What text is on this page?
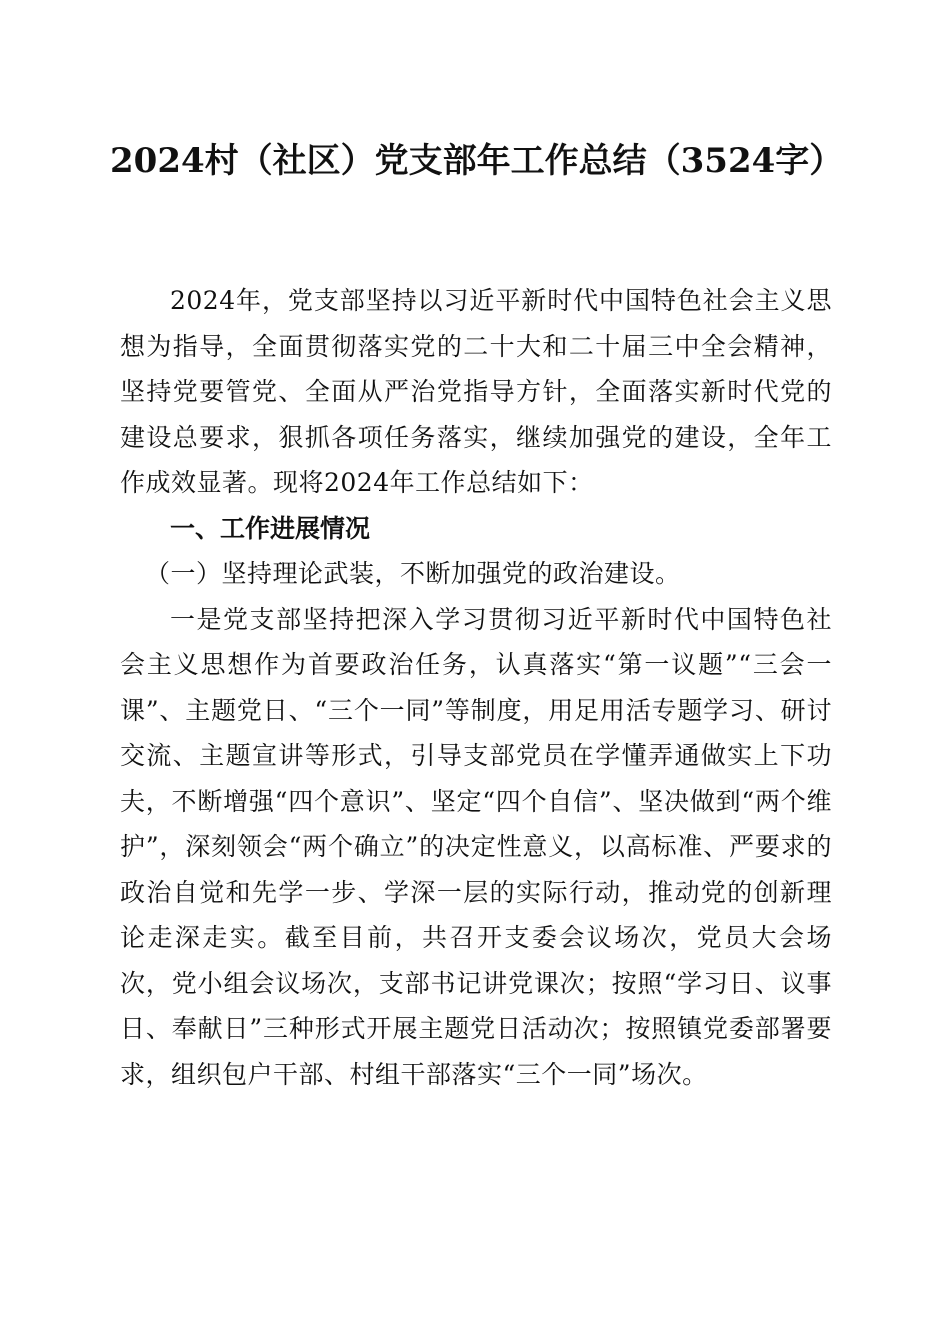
2024村（社区）党支部年工作总结（3524字）

2024年，党支部坚持以习近平新时代中国特色社会主义思想为指导，全面贯彻落实党的二十大和二十届三中全会精神，坚持党要管党、全面从严治党指导方针，全面落实新时代党的建设总要求，狠抓各项任务落实，继续加强党的建设，全年工作成效显著。现将2024年工作总结如下：

一、工作进展情况

（一）坚持理论武装，不断加强党的政治建设。

一是党支部坚持把深入学习贯彻习近平新时代中国特色社会主义思想作为首要政治任务，认真落实“第一议题”“三会一课”、主题党日、“三个一同”等制度，用足用活专题学习、研讨交流、主题宣讲等形式，引导支部党员在学懂弄通做实上下功夫，不断增强“四个意识”、坚定“四个自信”、坚决做到“两个维护”，深刻领会“两个确立”的决定性意义，以高标准、严要求的政治自觉和先学一步、学深一层的实际行动，推动党的创新理论走深走实。截至目前，共召开支委会议场次，党员大会场次，党小组会议场次，支部书记讲党课次；按照“学习日、议事日、奉献日”三种形式开展主题党日活动次；按照镇党委部署要求，组织包户干部、村组干部落实“三个一同”场次。
